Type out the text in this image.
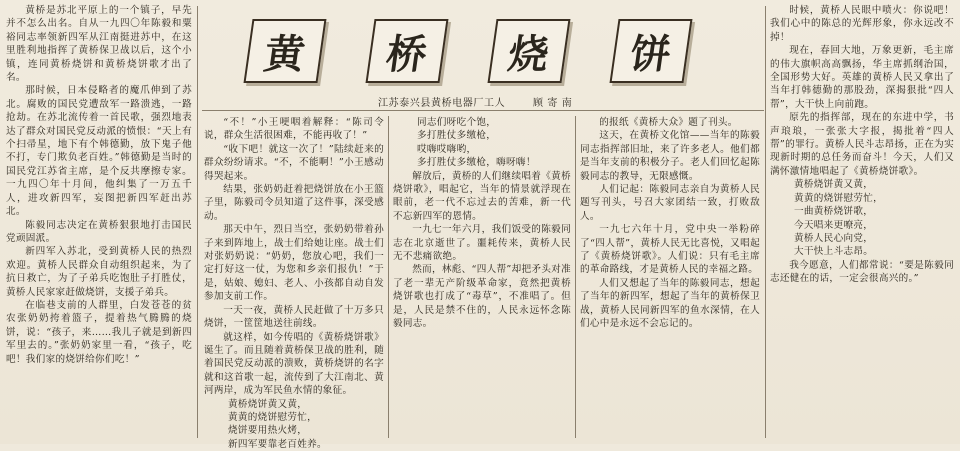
黄桥是苏北平原上的一个镇子，早先并不怎么出名。自从一九四〇年陈毅和粟裕同志率领新四军从江南挺进苏中，在这里胜利地指挥了黄桥保卫战以后，这个小镇，连同黄桥烧饼和黄桥烧饼歌才出了名。

那时候，日本侵略者的魔爪伸到了苏北。腐败的国民党遭敌军一路溃逃，一路抢劫。在苏北流传着一首民歌，强烈地表达了群众对国民党反动派的愤恨：“天上有个扫帚星，地下有个韩德勤，放下鬼子他不打，专门欺负老百姓。”韩德勤是当时的国民党江苏省主席，是个反共摩擦专家。一九四〇年十月间，他纠集了一万五千人，进攻新四军，妄图把新四军赶出苏北。

陈毅同志决定在黄桥狠狠地打击国民党顽固派。

新四军入苏北，受到黄桥人民的热烈欢迎。黄桥人民群众自动组织起来，为了抗日救亡，为了子弟兵吃饱肚子打胜仗，黄桥人民家家赶做烧饼，支援子弟兵。

在临巷支前的人群里，白发苍苍的贫农张奶奶挎着篮子，提着热气腾腾的烧饼，说：“孩子，来……我儿子就是到新四军里去的。”张奶奶家里一看，“孩子，吃吧！我们家的烧饼给你们吃！”

黄	桥	烧	饼
江苏泰兴县黄桥电器厂工人	顾 寄 南

“不！”小王哽咽着解释：“陈司令说，群众生活很困难，不能再收了！”

“收下吧！就这一次了！”陆续赶来的群众纷纷请求。“不，不能啊！”小王感动得哭起来。

结果，张奶奶赶着把烧饼放在小王篮子里，陈毅司令员知道了这件事，深受感动。

那天中午，烈日当空，张奶奶带着孙子来到阵地上，战士们给她让座。战士们对张奶奶说：“奶奶，您放心吧，我们一定打好这一仗，为您和乡亲们报仇！”于是，姑娘、媳妇、老人、小孩都自动自发参加支前工作。

一天一夜，黄桥人民赶做了十万多只烧饼，一筐筐地送往前线。

就这样，如今传唱的《黄桥烧饼歌》诞生了。而且随着黄桥保卫战的胜利，随着国民党反动派的溃败，黄桥烧饼的名字就和这首歌一起，流传到了大江南北、黄河两岸，成为军民鱼水情的象征。

黄桥烧饼黄又黄，

黄黄的烧饼慰劳忙，

烧饼要用热火烤，

新四军要靠老百姓养。

同志们呀吃个饱，

多打胜仗多缴枪，

哎嗨哎嗨哟，

多打胜仗多缴枪，嗨呀嗨！

解放后，黄桥的人们继续唱着《黄桥烧饼歌》，唱起它，当年的情景就浮现在眼前，老一代不忘过去的苦难，新一代不忘新四军的恩情。

一九七一年六月，我们饭受的陈毅同志在北京逝世了。噩耗传来，黄桥人民无不悲痛欲绝。

然而，林彪、“四人帮”却把矛头对准了老一辈无产阶级革命家，竟然把黄桥烧饼歌也打成了“毒草”，不准唱了。但是，人民是禁不住的，人民永远怀念陈毅同志。

的报纸《黄桥大众》题了刊头。

这天，在黄桥文化馆——当年的陈毅同志指挥部旧址，来了许多老人。他们都是当年支前的积极分子。老人们回忆起陈毅同志的教导，无限感慨。

人们记起：陈毅同志亲自为黄桥人民题写刊头，号召大家团结一致，打败敌人。

一九七六年十月，党中央一举粉碎了“四人帮”，黄桥人民无比喜悦，又唱起了《黄桥烧饼歌》。人们说：只有毛主席的革命路线，才是黄桥人民的幸福之路。

人们又想起了当年的陈毅同志，想起了当年的新四军，想起了当年的黄桥保卫战，黄桥人民同新四军的鱼水深情，在人们心中是永远不会忘记的。

时候，黄桥人民眼中喷火：你说吧！我们心中的陈总的光辉形象，你永远改不掉！

现在，春回大地，万象更新，毛主席的伟大旗帜高高飘扬，华主席抓纲治国，全国形势大好。英雄的黄桥人民又拿出了当年打韩德勤的那股劲，深揭狠批“四人帮”，大干快上向前跑。

原先的指挥部，现在的东进中学，书声琅琅，一张张大字报，揭批着“四人帮”的罪行。黄桥人民斗志昂扬，正在为实现新时期的总任务而奋斗！今天，人们又满怀激情地唱起了《黄桥烧饼歌》。

黄桥烧饼黄又黄，

黄黄的烧饼慰劳忙，

一曲黄桥烧饼歌，

今天唱来更嘹亮，

黄桥人民心向党，

大干快上斗志昂。

我今愿意，人们都常说：“要是陈毅同志还健在的话，一定会很高兴的。”
